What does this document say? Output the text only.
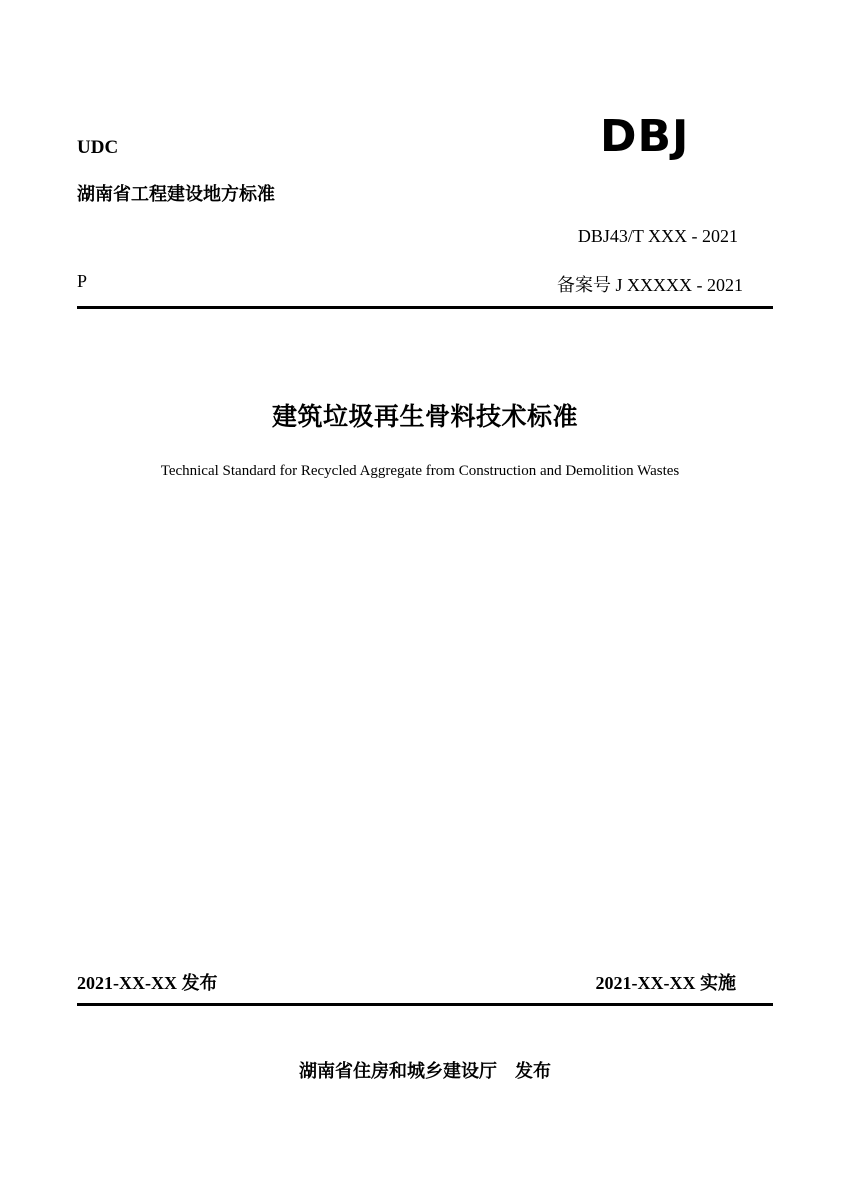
UDC	DBJ
湖南省工程建设地方标准
DBJ43/T XXX - 2021
P	备案号 J XXXXX - 2021
建筑垃圾再生骨料技术标准
Technical Standard for Recycled Aggregate from Construction and Demolition Wastes
2021-XX-XX 发布	2021-XX-XX 实施
湖南省住房和城乡建设厅 发布
